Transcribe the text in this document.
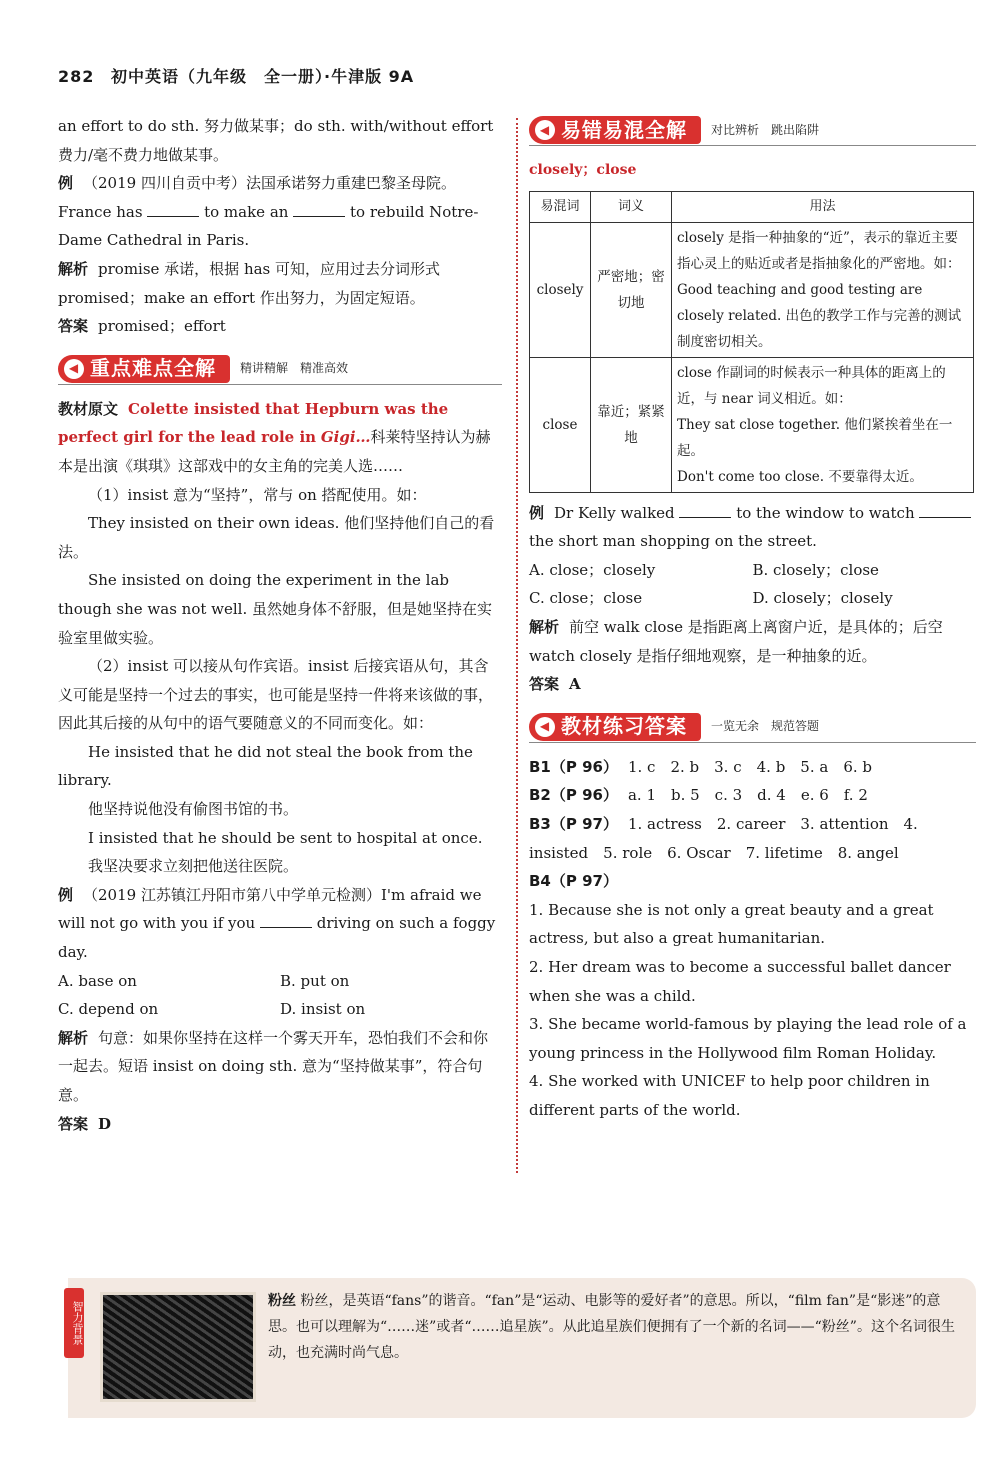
282 初中英语（九年级　全一册）·牛津版 9A

an effort to do sth. 努力做某事；do sth. with/without effort 费力/毫不费力地做某事。

例 （2019 四川自贡中考）法国承诺努力重建巴黎圣母院。

France has	to make an	to rebuild Notre-Dame Cathedral in Paris.

解析 promise 承诺，根据 has 可知，应用过去分词形式 promised；make an effort 作出努力，为固定短语。

答案 promised；effort

◀ 重点难点全解 精讲精解　精准高效

教材原文 Colette insisted that Hepburn was the perfect girl for the lead role in Gigi…科莱特坚持认为赫本是出演《琪琪》这部戏中的女主角的完美人选……

（1）insist 意为“坚持”，常与 on 搭配使用。如：

They insisted on their own ideas. 他们坚持他们自己的看法。

She insisted on doing the experiment in the lab though she was not well. 虽然她身体不舒服，但是她坚持在实验室里做实验。

（2）insist 可以接从句作宾语。insist 后接宾语从句，其含义可能是坚持一个过去的事实，也可能是坚持一件将来该做的事，因此其后接的从句中的语气要随意义的不同而变化。如：

He insisted that he did not steal the book from the library.

他坚持说他没有偷图书馆的书。

I insisted that he should be sent to hospital at once.

我坚决要求立刻把他送往医院。

例 （2019 江苏镇江丹阳市第八中学单元检测）I'm afraid we will not go with you if you	driving on such a foggy day.

A. base on	B. put on
C. depend on	D. insist on

解析 句意：如果你坚持在这样一个雾天开车，恐怕我们不会和你一起去。短语 insist on doing sth. 意为“坚持做某事”，符合句意。

答案 D

◀ 易错易混全解 对比辨析　跳出陷阱

closely；close

易混词	词义	用法
closely	严密地；密切地	closely 是指一种抽象的“近”，表示的靠近主要指心灵上的贴近或者是指抽象化的严密地。如：
Good teaching and good testing are closely related. 出色的教学工作与完善的测试制度密切相关。

close	靠近；紧紧地	close 作副词的时候表示一种具体的距离上的近，与 near 词义相近。如：
They sat close together. 他们紧挨着坐在一起。
Don't come too close. 不要靠得太近。

例 Dr Kelly walked	to the window to watch  the short man shopping on the street.

A. close；closely	B. closely；close
C. close；close	D. closely；closely

解析 前空 walk close 是指距离上离窗户近，是具体的；后空 watch closely 是指仔细地观察，是一种抽象的近。

答案 A

◀ 教材练习答案 一览无余　规范答题

B1（P 96） 1. c　2. b　3. c　4. b　5. a　6. b

B2（P 96） a. 1　b. 5　c. 3　d. 4　e. 6　f. 2

B3（P 97） 1. actress　2. career　3. attention　4. insisted　5. role　6. Oscar　7. lifetime　8. angel

B4（P 97）

1. Because she is not only a great beauty and a great actress, but also a great humanitarian.

2. Her dream was to become a successful ballet dancer when she was a child.

3. She became world-famous by playing the lead role of a young princess in the Hollywood film Roman Holiday.

4. She worked with UNICEF to help poor children in different parts of the world.

智力背景	粉丝 粉丝，是英语“fans”的谐音。“fan”是“运动、电影等的爱好者”的意思。所以，“film fan”是“影迷”的意思。也可以理解为“……迷”或者“……追星族”。从此追星族们便拥有了一个新的名词——“粉丝”。这个名词很生动，也充满时尚气息。
